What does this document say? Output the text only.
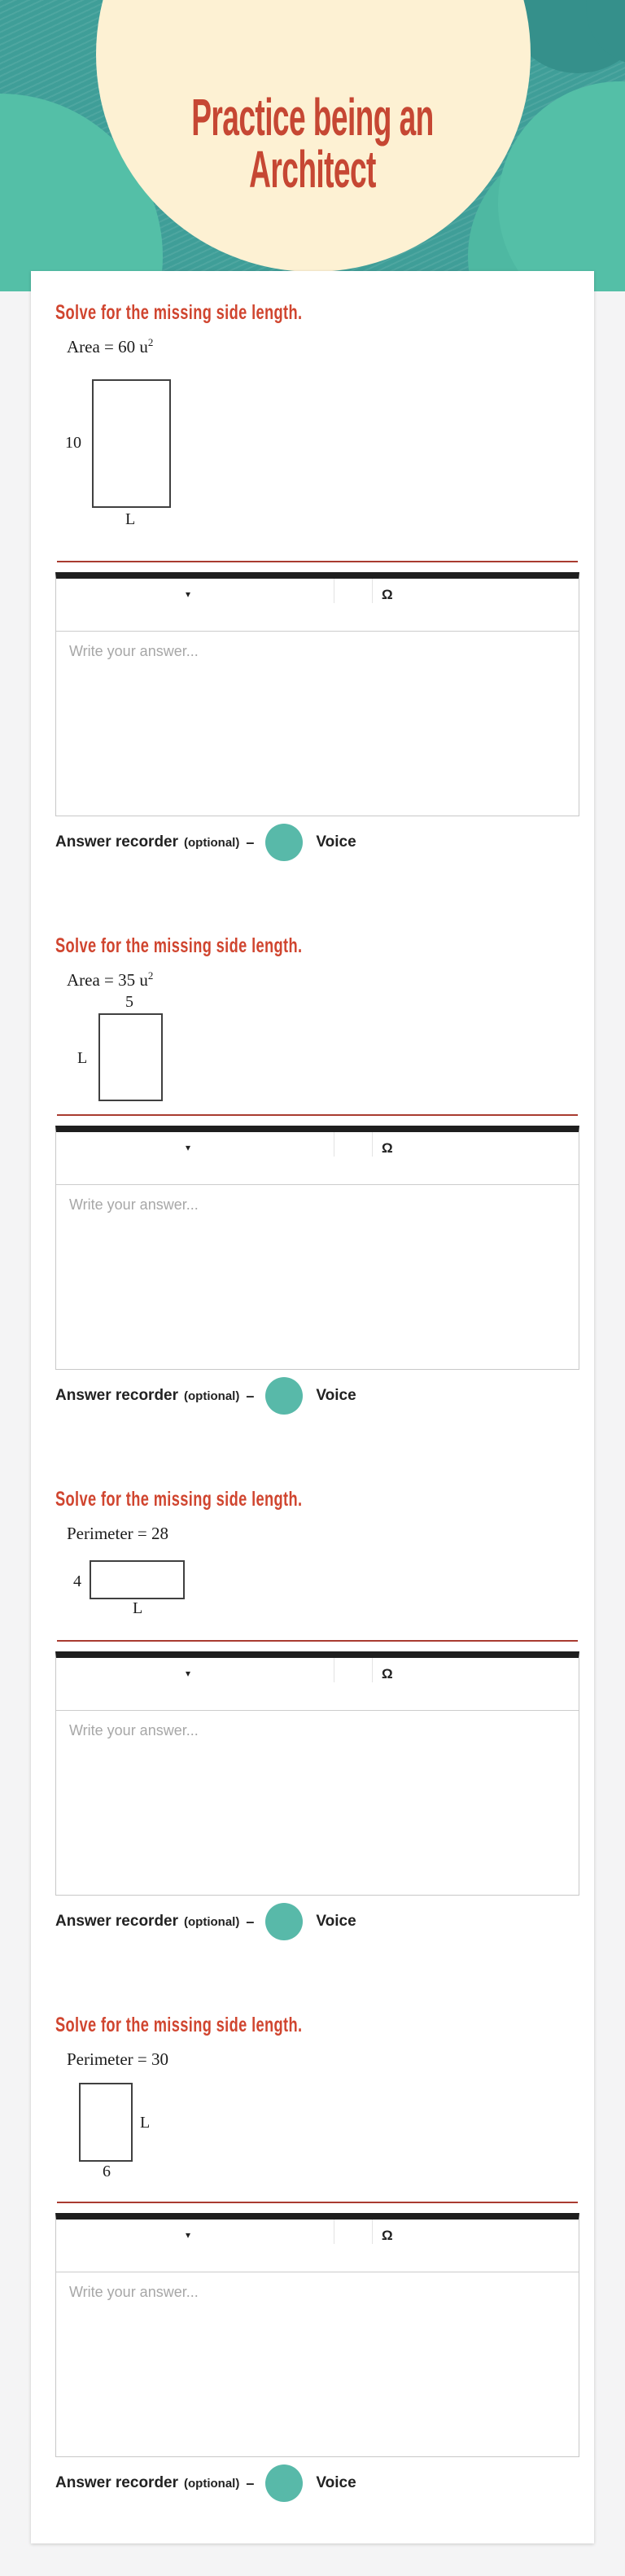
Practice being an
Architect
Solve for the missing side length.
Area = 60 $u^2$
10
L
▾	Ω
Write your answer...
Answer recorder (optional) –	Voice
Solve for the missing side length.
Area = 35 $u^2$
5
L
▾	Ω
Write your answer...
Answer recorder (optional) –	Voice
Solve for the missing side length.
Perimeter = 28
4
L
▾	Ω
Write your answer...
Answer recorder (optional) –	Voice
Solve for the missing side length.
Perimeter = 30
L
6
▾	Ω
Write your answer...
Answer recorder (optional) –	Voice
